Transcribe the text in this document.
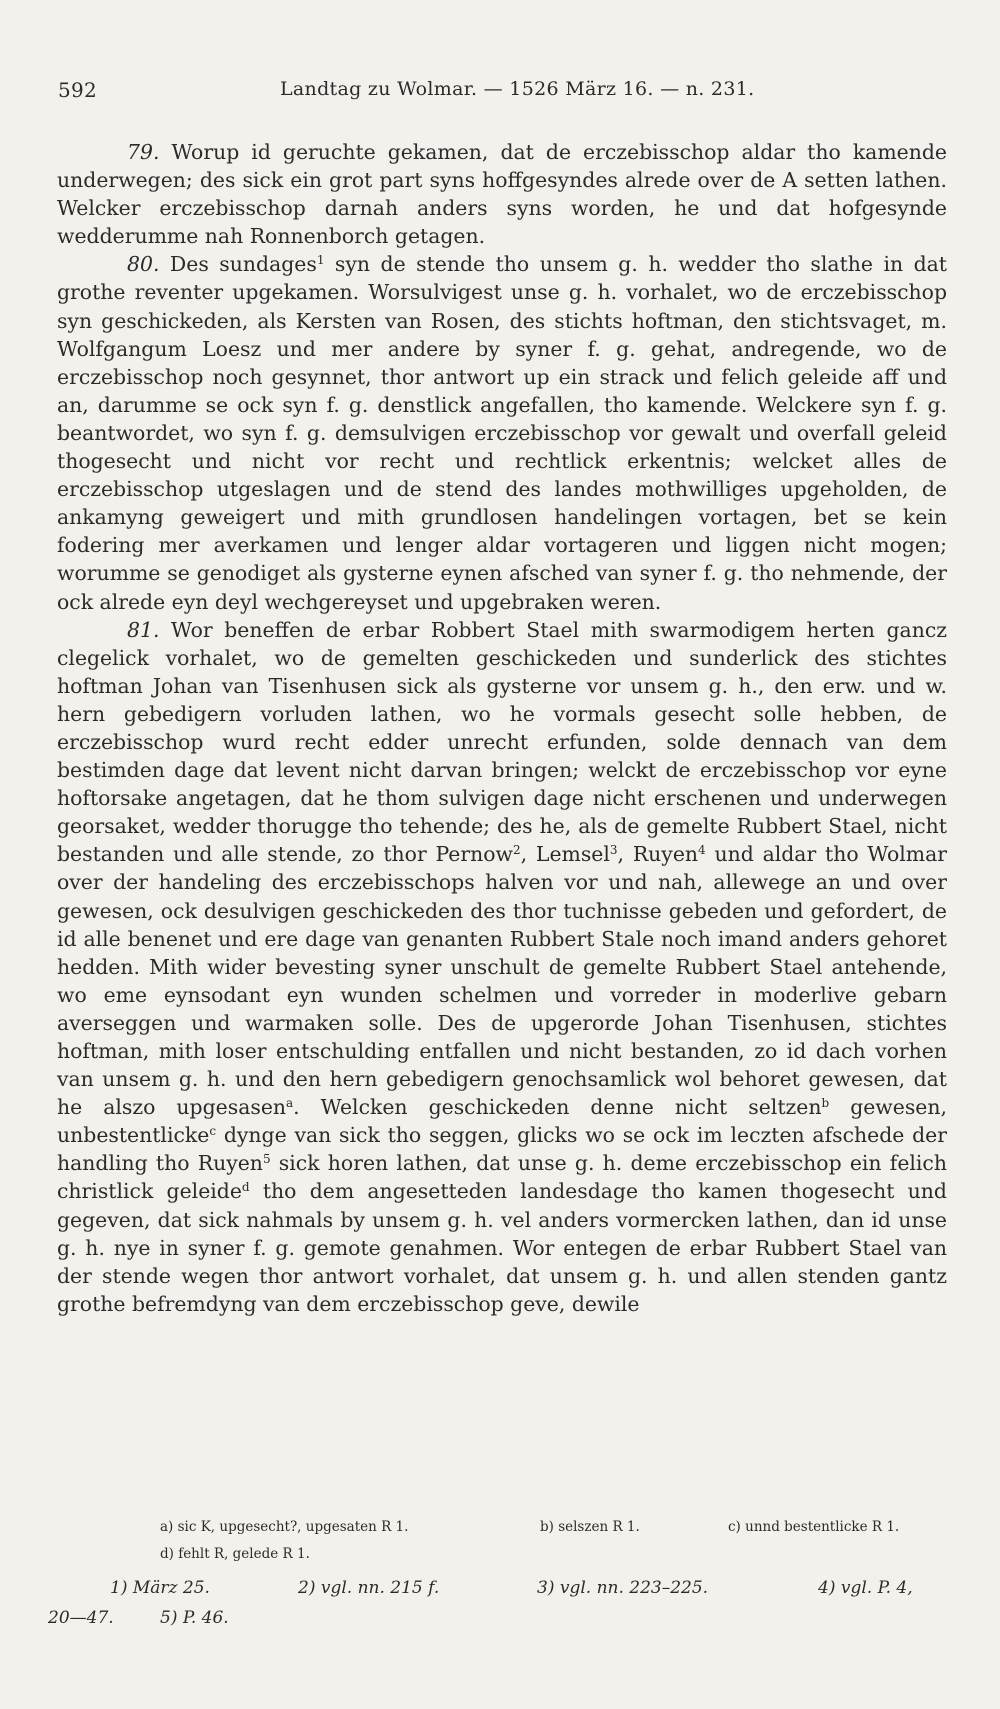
592	Landtag zu Wolmar. — 1526 März 16. — n. 231.

79. Worup id geruchte gekamen, dat de erczebisschop aldar tho kamende underwegen; des sick ein grot part syns hoffgesyndes alrede over de A setten lathen. Welcker erczebisschop darnah anders syns worden, he und dat hofgesynde wedderumme nah Ronnenborch getagen.

80. Des sundages$^1$ syn de stende tho unsem g. h. wedder tho slathe in dat grothe reventer upgekamen. Worsulvigest unse g. h. vorhalet, wo de erczebisschop syn geschickeden, als Kersten van Rosen, des stichts hoftman, den stichtsvaget, m. Wolfgangum Loesz und mer andere by syner f. g. gehat, andregende, wo de erczebisschop noch gesynnet, thor antwort up ein strack und felich geleide aff und an, darumme se ock syn f. g. denstlick angefallen, tho kamende. Welckere syn f. g. beantwordet, wo syn f. g. demsulvigen erczebisschop vor gewalt und overfall geleid thogesecht und nicht vor recht und rechtlick erkentnis; welcket alles de erczebisschop utgeslagen und de stend des landes mothwilliges upgeholden, de ankamyng geweigert und mith grundlosen handelingen vortagen, bet se kein fodering mer averkamen und lenger aldar vortageren und liggen nicht mogen; worumme se genodiget als gysterne eynen afsched van syner f. g. tho nehmende, der ock alrede eyn deyl wechgereyset und upgebraken weren.

81. Wor beneffen de erbar Robbert Stael mith swarmodigem herten gancz clegelick vorhalet, wo de gemelten geschickeden und sunderlick des stichtes hoftman Johan van Tisenhusen sick als gysterne vor unsem g. h., den erw. und w. hern gebedigern vorluden lathen, wo he vormals gesecht solle hebben, de erczebisschop wurd recht edder unrecht erfunden, solde dennach van dem bestimden dage dat levent nicht darvan bringen; welckt de erczebisschop vor eyne hoftorsake angetagen, dat he thom sulvigen dage nicht erschenen und underwegen georsaket, wedder thorugge tho tehende; des he, als de gemelte Rubbert Stael, nicht bestanden und alle stende, zo thor Pernow$^2$, Lemsel$^3$, Ruyen$^4$ und aldar tho Wolmar over der handeling des erczebisschops halven vor und nah, allewege an und over gewesen, ock desulvigen geschickeden des thor tuchnisse gebeden und gefordert, de id alle benenet und ere dage van genanten Rubbert Stale noch imand anders gehoret hedden. Mith wider bevesting syner unschult de gemelte Rubbert Stael antehende, wo eme eynsodant eyn wunden schelmen und vorreder in moderlive gebarn averseggen und warmaken solle. Des de upgerorde Johan Tisenhusen, stichtes hoftman, mith loser entschulding entfallen und nicht bestanden, zo id dach vorhen van unsem g. h. und den hern gebedigern genochsamlick wol behoret gewesen, dat he alszo upgesasen$^a$. Welcken geschickeden denne nicht seltzen$^b$ gewesen, unbestentlicke$^c$ dynge van sick tho seggen, glicks wo se ock im leczten afschede der handling tho Ruyen$^5$ sick horen lathen, dat unse g. h. deme erczebisschop ein felich christlick geleide$^d$ tho dem angesetteden landesdage tho kamen thogesecht und gegeven, dat sick nahmals by unsem g. h. vel anders vormercken lathen, dan id unse g. h. nye in syner f. g. gemote genahmen. Wor entegen de erbar Rubbert Stael van der stende wegen thor antwort vorhalet, dat unsem g. h. und allen stenden gantz grothe befremdyng van dem erczebisschop geve, dewile

a) sic K, upgesecht?, upgesaten R 1.	b) selszen R 1.	c) unnd bestentlicke R 1.
d) fehlt R, gelede R 1.
1) März 25.	2) vgl. nn. 215 f.	3) vgl. nn. 223–225.	4) vgl. P. 4,
20—47.	5) P. 46.
